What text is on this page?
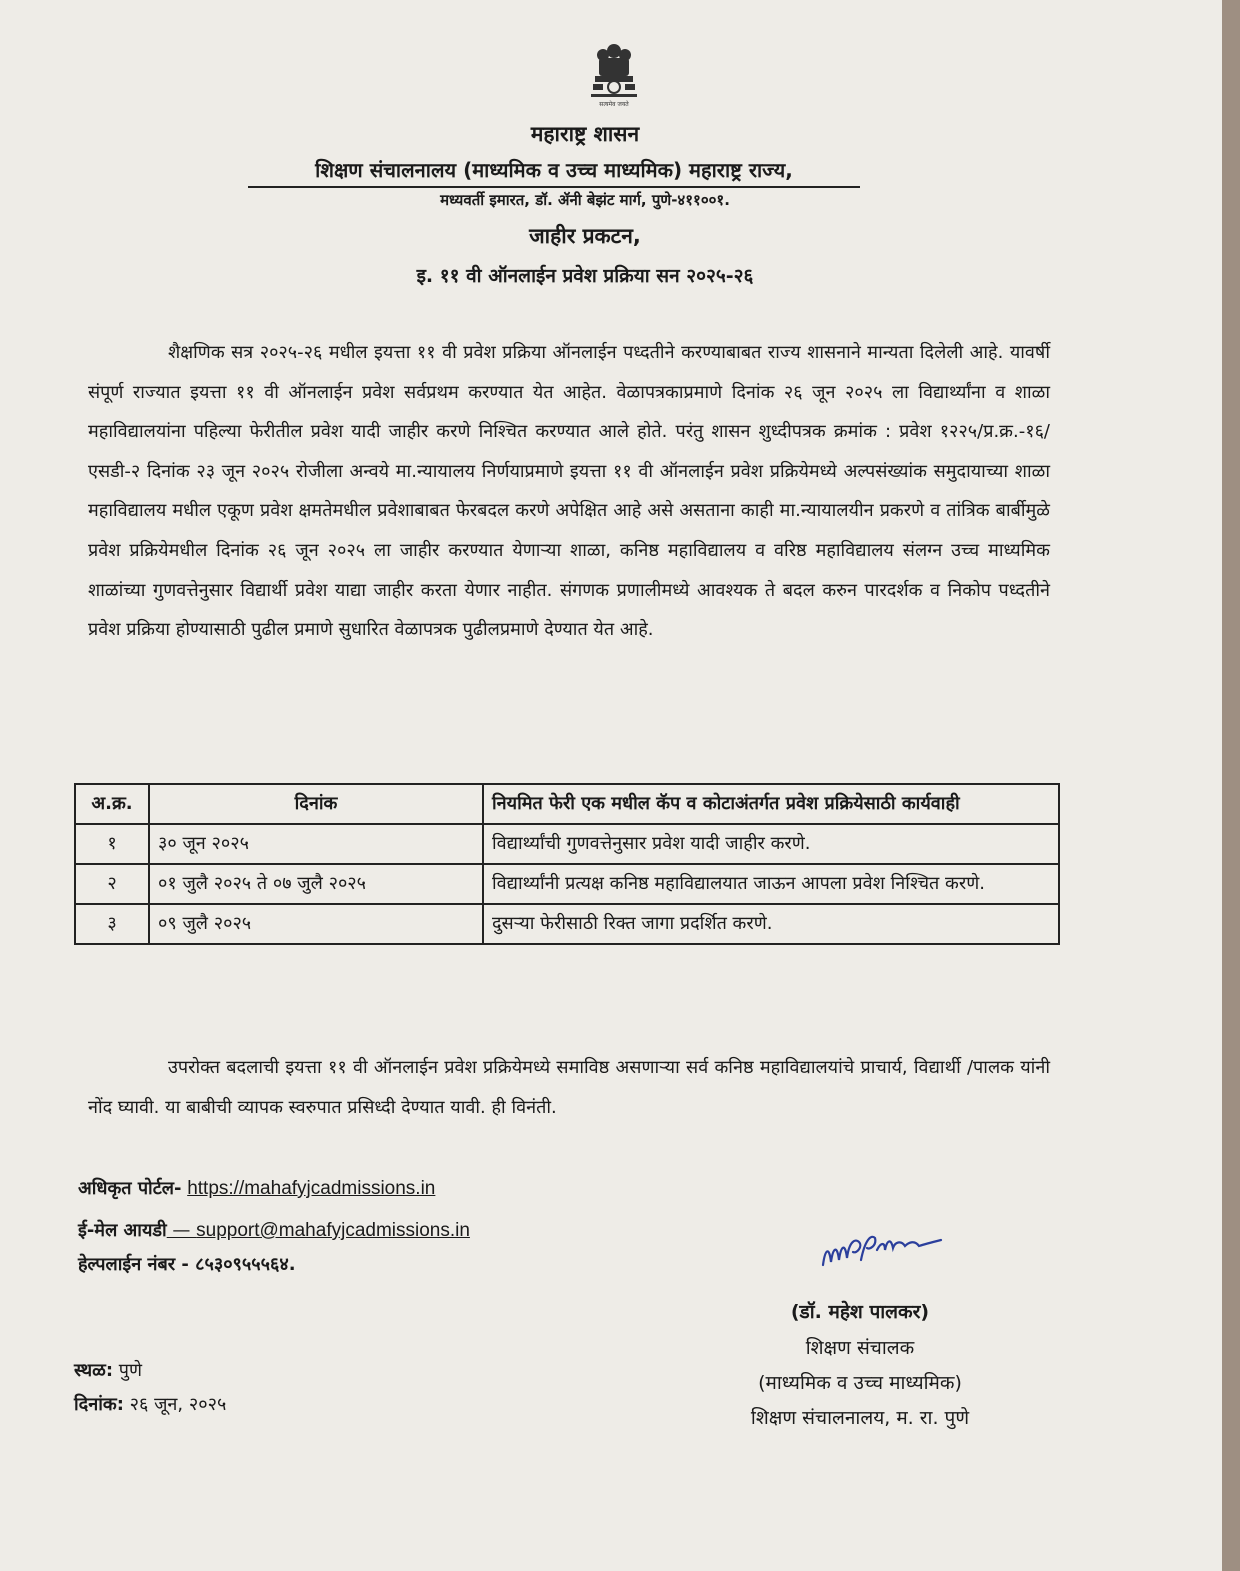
सत्यमेव जयते
महाराष्ट्र शासन
शिक्षण संचालनालय (माध्यमिक व उच्च माध्यमिक) महाराष्ट्र राज्य,
मध्यवर्ती इमारत, डॉ. ॲनी बेझंट मार्ग, पुणे-४११००१.
जाहीर प्रकटन,
इ. ११ वी ऑनलाईन प्रवेश प्रक्रिया सन २०२५-२६
शैक्षणिक सत्र २०२५-२६ मधील इयत्ता ११ वी प्रवेश प्रक्रिया ऑनलाईन पध्दतीने करण्याबाबत राज्य शासनाने मान्यता दिलेली आहे. यावर्षी संपूर्ण राज्यात इयत्ता ११ वी ऑनलाईन प्रवेश सर्वप्रथम करण्यात येत आहेत. वेळापत्रकाप्रमाणे दिनांक २६ जून २०२५ ला विद्यार्थ्यांना व शाळा महाविद्यालयांना पहिल्या फेरीतील प्रवेश यादी जाहीर करणे निश्चित करण्यात आले होते. परंतु शासन शुध्दीपत्रक क्रमांक : प्रवेश १२२५/प्र.क्र.-१६/एसडी-२ दिनांक २३ जून २०२५ रोजीला अन्वये मा.न्यायालय निर्णयाप्रमाणे इयत्ता ११ वी ऑनलाईन प्रवेश प्रक्रियेमध्ये अल्पसंख्यांक समुदायाच्या शाळा महाविद्यालय मधील एकूण प्रवेश क्षमतेमधील प्रवेशाबाबत फेरबदल करणे अपेक्षित आहे असे असताना काही मा.न्यायालयीन प्रकरणे व तांत्रिक बार्बीमुळे प्रवेश प्रक्रियेमधील दिनांक २६ जून २०२५ ला जाहीर करण्यात येणाऱ्या शाळा, कनिष्ठ महाविद्यालय व वरिष्ठ महाविद्यालय संलग्न उच्च माध्यमिक शाळांच्या गुणवत्तेनुसार विद्यार्थी प्रवेश याद्या जाहीर करता येणार नाहीत. संगणक प्रणालीमध्ये आवश्यक ते बदल करुन पारदर्शक व निकोप पध्दतीने प्रवेश प्रक्रिया होण्यासाठी पुढील प्रमाणे सुधारित वेळापत्रक पुढीलप्रमाणे देण्यात येत आहे.
अ.क्र.	दिनांक	नियमित फेरी एक मधील कॅप व कोटाअंतर्गत प्रवेश प्रक्रियेसाठी कार्यवाही
१	३० जून २०२५	विद्यार्थ्यांची गुणवत्तेनुसार प्रवेश यादी जाहीर करणे.
२	०१ जुलै २०२५ ते ०७ जुलै २०२५	विद्यार्थ्यांनी प्रत्यक्ष कनिष्ठ महाविद्यालयात जाऊन आपला प्रवेश निश्चित करणे.
३	०९ जुलै २०२५	दुसऱ्या फेरीसाठी रिक्त जागा प्रदर्शित करणे.
उपरोक्त बदलाची इयत्ता ११ वी ऑनलाईन प्रवेश प्रक्रियेमध्ये समाविष्ठ असणाऱ्या सर्व कनिष्ठ महाविद्यालयांचे प्राचार्य, विद्यार्थी /पालक यांनी नोंद घ्यावी. या बाबीची व्यापक स्वरुपात प्रसिध्दी देण्यात यावी. ही विनंती.
अधिकृत पोर्टल- https://mahafyjcadmissions.in
ई-मेल आयडी — support@mahafyjcadmissions.in
हेल्पलाईन नंबर - ८५३०९५५५६४.
(डॉ. महेश पालकर)
शिक्षण संचालक
(माध्यमिक व उच्च माध्यमिक)
शिक्षण संचालनालय, म. रा. पुणे
स्थळ: पुणे
दिनांक: २६ जून, २०२५
